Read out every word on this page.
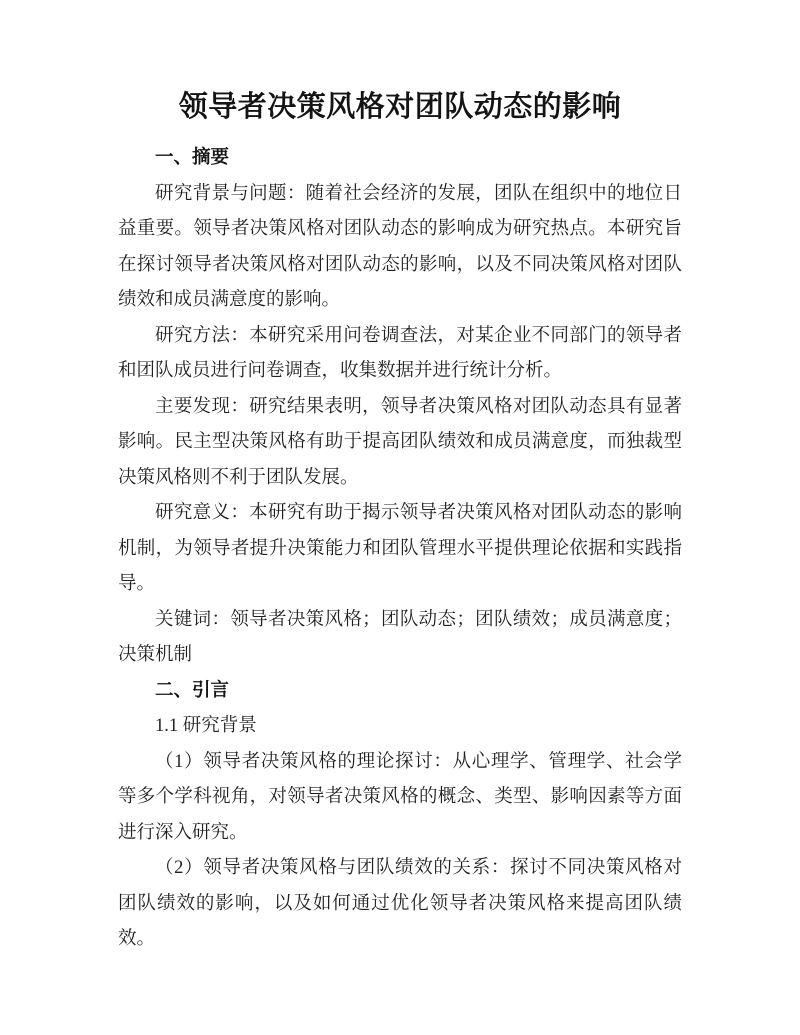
领导者决策风格对团队动态的影响

一、摘要

研究背景与问题：随着社会经济的发展，团队在组织中的地位日益重要。领导者决策风格对团队动态的影响成为研究热点。本研究旨在探讨领导者决策风格对团队动态的影响，以及不同决策风格对团队绩效和成员满意度的影响。

研究方法：本研究采用问卷调查法，对某企业不同部门的领导者和团队成员进行问卷调查，收集数据并进行统计分析。

主要发现：研究结果表明，领导者决策风格对团队动态具有显著影响。民主型决策风格有助于提高团队绩效和成员满意度，而独裁型决策风格则不利于团队发展。

研究意义：本研究有助于揭示领导者决策风格对团队动态的影响机制，为领导者提升决策能力和团队管理水平提供理论依据和实践指导。

关键词：领导者决策风格；团队动态；团队绩效；成员满意度；决策机制

二、引言

1.1 研究背景

（1）领导者决策风格的理论探讨：从心理学、管理学、社会学等多个学科视角，对领导者决策风格的概念、类型、影响因素等方面进行深入研究。

（2）领导者决策风格与团队绩效的关系：探讨不同决策风格对团队绩效的影响，以及如何通过优化领导者决策风格来提高团队绩效。
